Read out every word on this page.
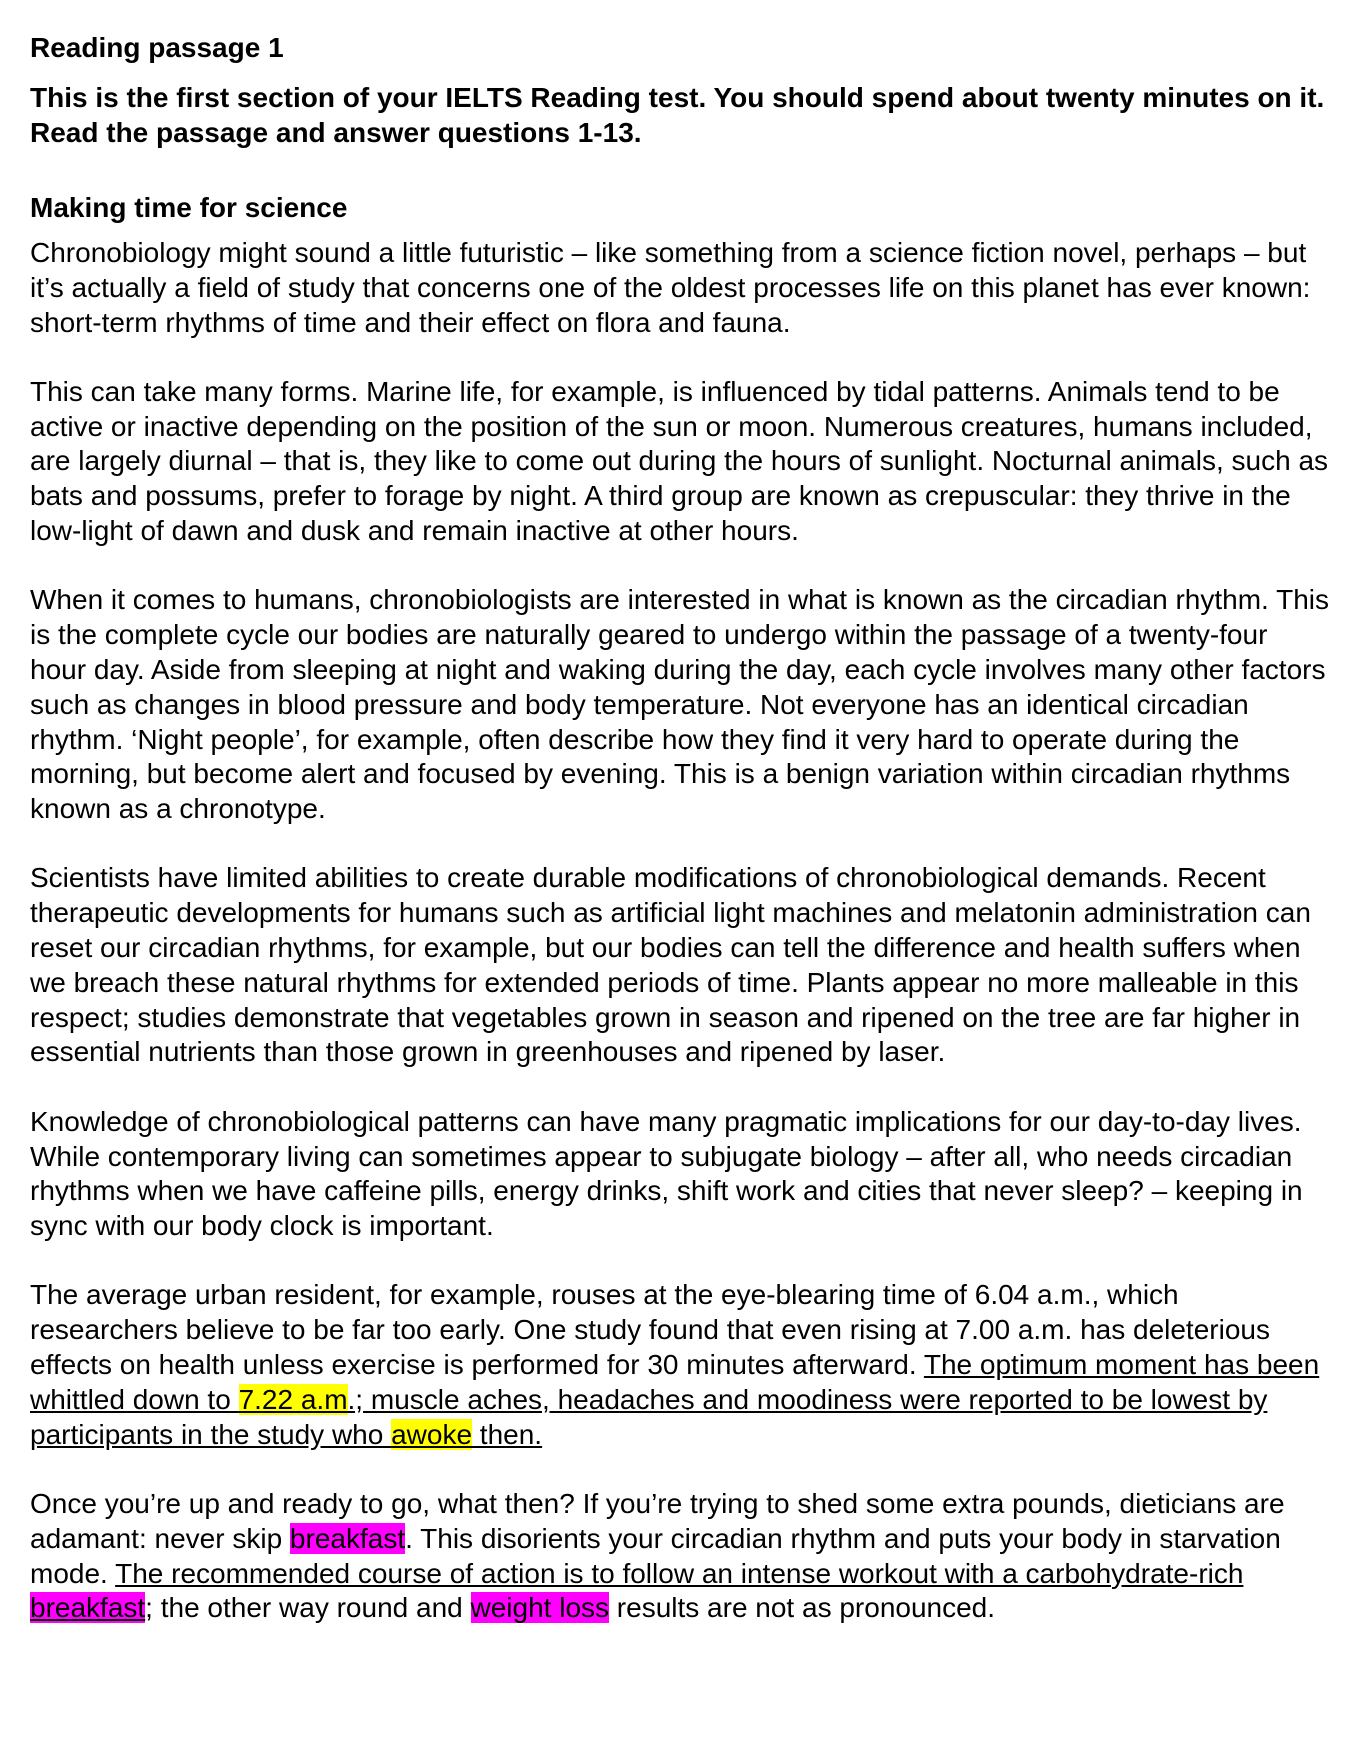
Reading passage 1

This is the first section of your IELTS Reading test. You should spend about twenty minutes on it. Read the passage and answer questions 1-13.

Making time for science

Chronobiology might sound a little futuristic – like something from a science fiction novel, perhaps – but it’s actually a field of study that concerns one of the oldest processes life on this planet has ever known: short-term rhythms of time and their effect on flora and fauna.

This can take many forms. Marine life, for example, is influenced by tidal patterns. Animals tend to be active or inactive depending on the position of the sun or moon. Numerous creatures, humans included, are largely diurnal – that is, they like to come out during the hours of sunlight. Nocturnal animals, such as bats and possums, prefer to forage by night. A third group are known as crepuscular: they thrive in the low-light of dawn and dusk and remain inactive at other hours.

When it comes to humans, chronobiologists are interested in what is known as the circadian rhythm. This is the complete cycle our bodies are naturally geared to undergo within the passage of a twenty-four hour day. Aside from sleeping at night and waking during the day, each cycle involves many other factors such as changes in blood pressure and body temperature. Not everyone has an identical circadian rhythm. ‘Night people’, for example, often describe how they find it very hard to operate during the morning, but become alert and focused by evening. This is a benign variation within circadian rhythms known as a chronotype.

Scientists have limited abilities to create durable modifications of chronobiological demands. Recent therapeutic developments for humans such as artificial light machines and melatonin administration can reset our circadian rhythms, for example, but our bodies can tell the difference and health suffers when we breach these natural rhythms for extended periods of time. Plants appear no more malleable in this respect; studies demonstrate that vegetables grown in season and ripened on the tree are far higher in essential nutrients than those grown in greenhouses and ripened by laser.

Knowledge of chronobiological patterns can have many pragmatic implications for our day-to-day lives. While contemporary living can sometimes appear to subjugate biology – after all, who needs circadian rhythms when we have caffeine pills, energy drinks, shift work and cities that never sleep? – keeping in sync with our body clock is important.

The average urban resident, for example, rouses at the eye-blearing time of 6.04 a.m., which researchers believe to be far too early. One study found that even rising at 7.00 a.m. has deleterious effects on health unless exercise is performed for 30 minutes afterward. The optimum moment has been whittled down to 7.22 a.m.; muscle aches, headaches and moodiness were reported to be lowest by participants in the study who awoke then.

Once you’re up and ready to go, what then? If you’re trying to shed some extra pounds, dieticians are adamant: never skip breakfast. This disorients your circadian rhythm and puts your body in starvation mode. The recommended course of action is to follow an intense workout with a carbohydrate-rich breakfast; the other way round and weight loss results are not as pronounced.
